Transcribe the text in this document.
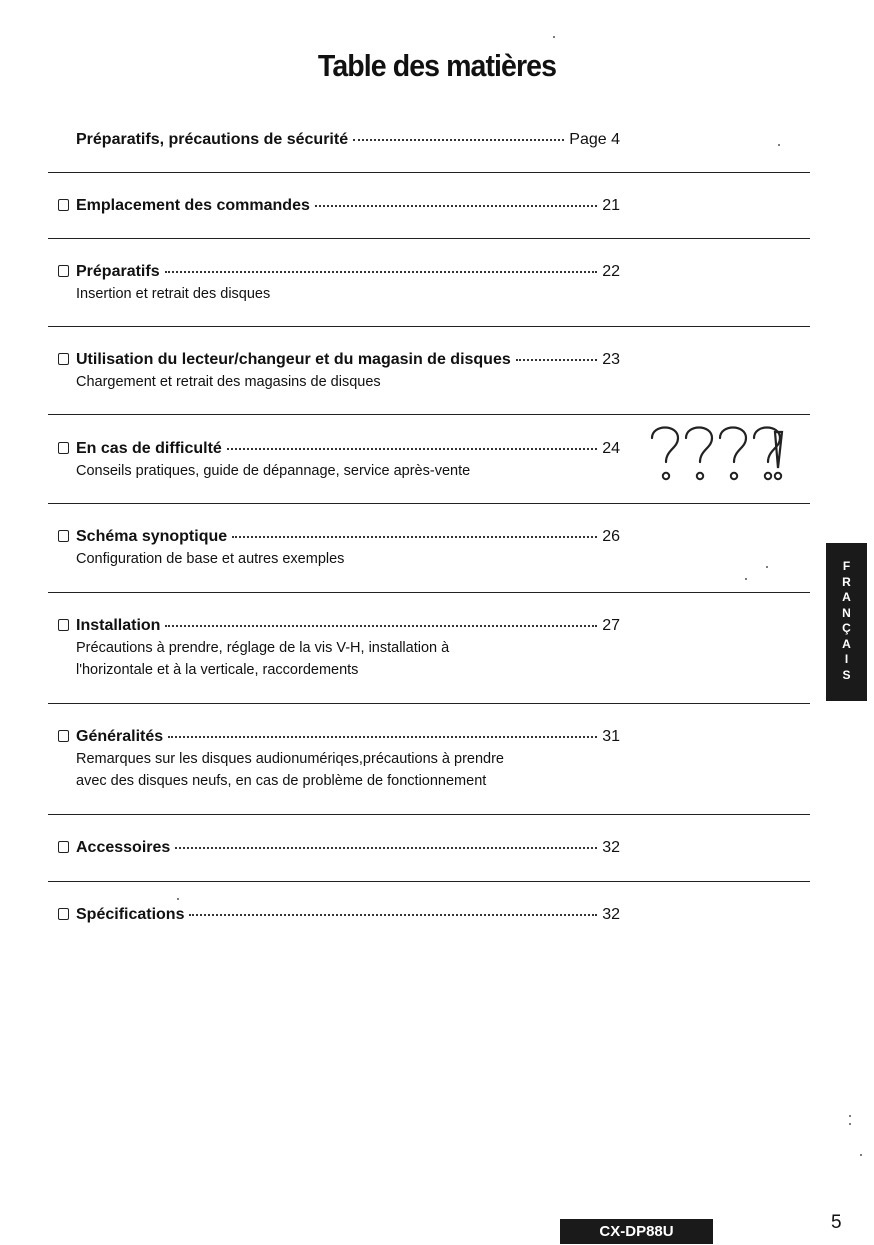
Table des matières
Préparatifs, précautions de sécurité	Page 4
Emplacement des commandes	21
Préparatifs	22
Insertion et retrait des disques
Utilisation du lecteur/changeur et du magasin de disques	23
Chargement et retrait des magasins de disques
En cas de difficulté	24
Conseils pratiques, guide de dépannage, service après-vente
Schéma synoptique	26
Configuration de base et autres exemples
Installation	27
Précautions à prendre, réglage de la vis V-H, installation à
l'horizontale et à la verticale, raccordements
Généralités	31
Remarques sur les disques audionumériqes,précautions à prendre
avec des disques neufs, en cas de problème de fonctionnement
Accessoires	32
Spécifications	32
F
R
A
N
Ç
A
I
S
CX-DP88U	5
